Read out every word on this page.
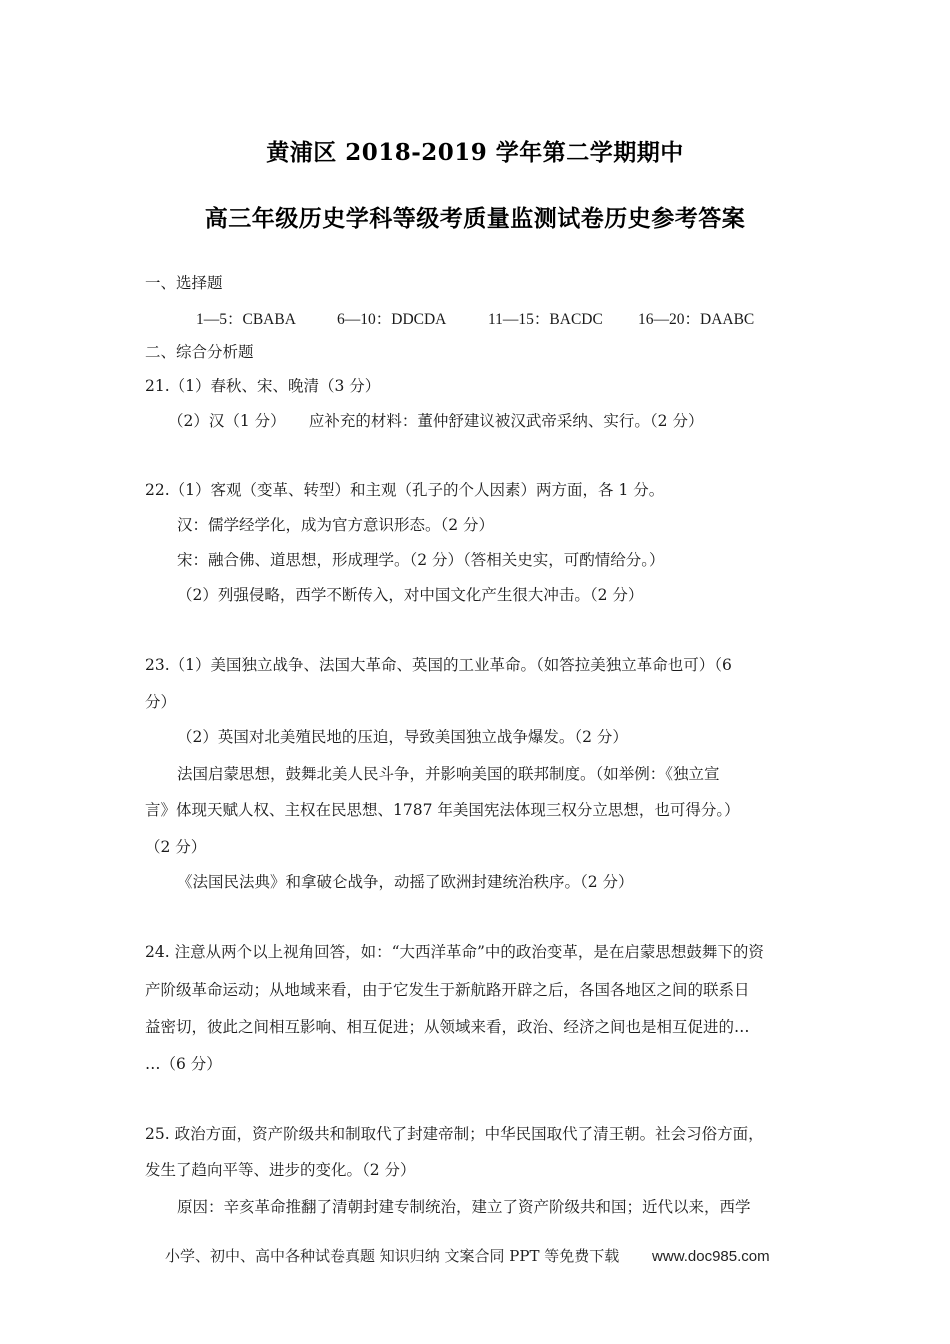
黄浦区 2018-2019 学年第二学期期中
高三年级历史学科等级考质量监测试卷历史参考答案
一、选择题
1—5：CBABA	6—10：DDCDA	11—15：BACDC 16—20：DAABC
二、综合分析题
21.（1）春秋、宋、晚清（3 分）
（2）汉（1 分）　　应补充的材料：董仲舒建议被汉武帝采纳、实行。（2 分）
22.（1）客观（变革、转型）和主观（孔子的个人因素）两方面，各 1 分。
汉：儒学经学化，成为官方意识形态。（2 分）
宋：融合佛、道思想，形成理学。（2 分）（答相关史实，可酌情给分。）
（2）列强侵略，西学不断传入，对中国文化产生很大冲击。（2 分）
23.（1）美国独立战争、法国大革命、英国的工业革命。（如答拉美独立革命也可）（6
分）
（2）英国对北美殖民地的压迫，导致美国独立战争爆发。（2 分）
法国启蒙思想，鼓舞北美人民斗争，并影响美国的联邦制度。（如举例：《独立宣
言》体现天赋人权、主权在民思想、1787 年美国宪法体现三权分立思想，也可得分。）
（2 分）
《法国民法典》和拿破仑战争，动摇了欧洲封建统治秩序。（2 分）
24. 注意从两个以上视角回答，如：“大西洋革命”中的政治变革，是在启蒙思想鼓舞下的资
产阶级革命运动；从地域来看，由于它发生于新航路开辟之后，各国各地区之间的联系日
益密切，彼此之间相互影响、相互促进；从领域来看，政治、经济之间也是相互促进的…
…（6 分）
25. 政治方面，资产阶级共和制取代了封建帝制；中华民国取代了清王朝。社会习俗方面，
发生了趋向平等、进步的变化。（2 分）
原因：辛亥革命推翻了清朝封建专制统治，建立了资产阶级共和国；近代以来，西学
小学、初中、高中各种试卷真题 知识归纳 文案合同 PPT 等免费下载 www.doc985.com
